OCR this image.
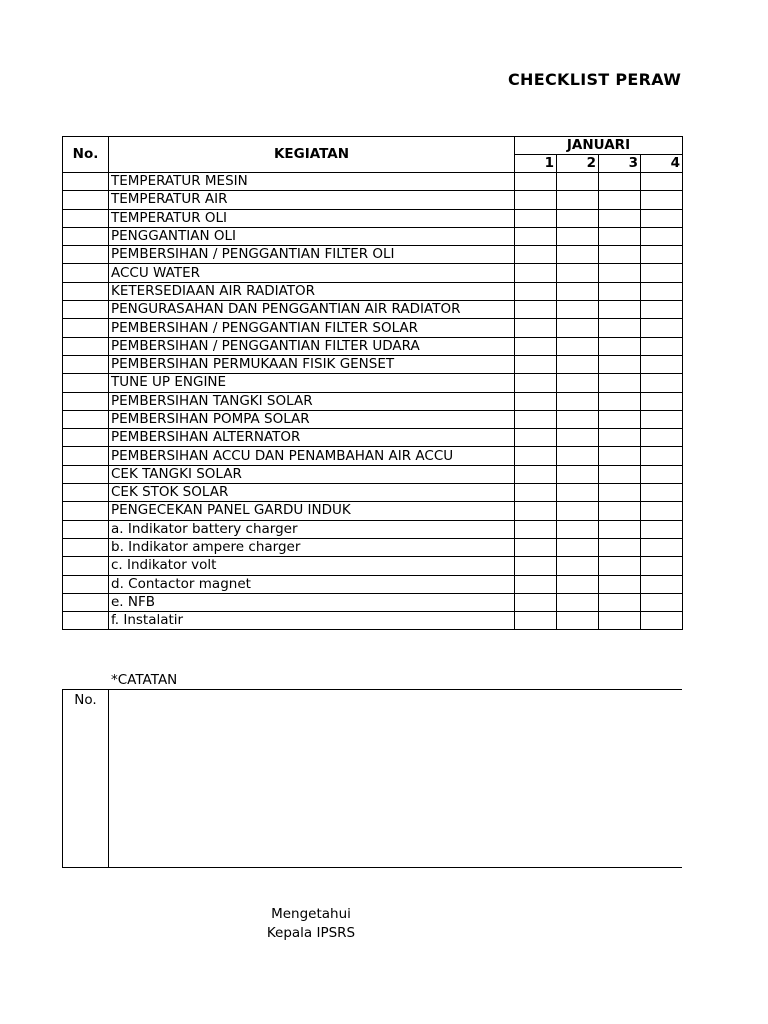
CHECKLIST PERAW
No.	KEGIATAN	JANUARI			
		1	2	3	4
	TEMPERATUR MESIN				
	TEMPERATUR AIR				
	TEMPERATUR OLI				
	PENGGANTIAN OLI				
	PEMBERSIHAN / PENGGANTIAN FILTER OLI				
	ACCU WATER				
	KETERSEDIAAN AIR RADIATOR				
	PENGURASAHAN DAN PENGGANTIAN AIR RADIATOR				
	PEMBERSIHAN / PENGGANTIAN FILTER SOLAR				
	PEMBERSIHAN / PENGGANTIAN FILTER UDARA				
	PEMBERSIHAN PERMUKAAN FISIK GENSET				
	TUNE UP ENGINE				
	PEMBERSIHAN TANGKI SOLAR				
	PEMBERSIHAN POMPA SOLAR				
	PEMBERSIHAN ALTERNATOR				
	PEMBERSIHAN ACCU DAN PENAMBAHAN AIR ACCU				
	CEK TANGKI SOLAR				
	CEK STOK SOLAR				
	PENGECEKAN PANEL GARDU INDUK				
	a. Indikator battery charger				
	b. Indikator ampere charger				
	c. Indikator volt				
	d. Contactor magnet				
	e. NFB				
	f. Instalatir				
*CATATAN
No.
Mengetahui
Kepala IPSRS
